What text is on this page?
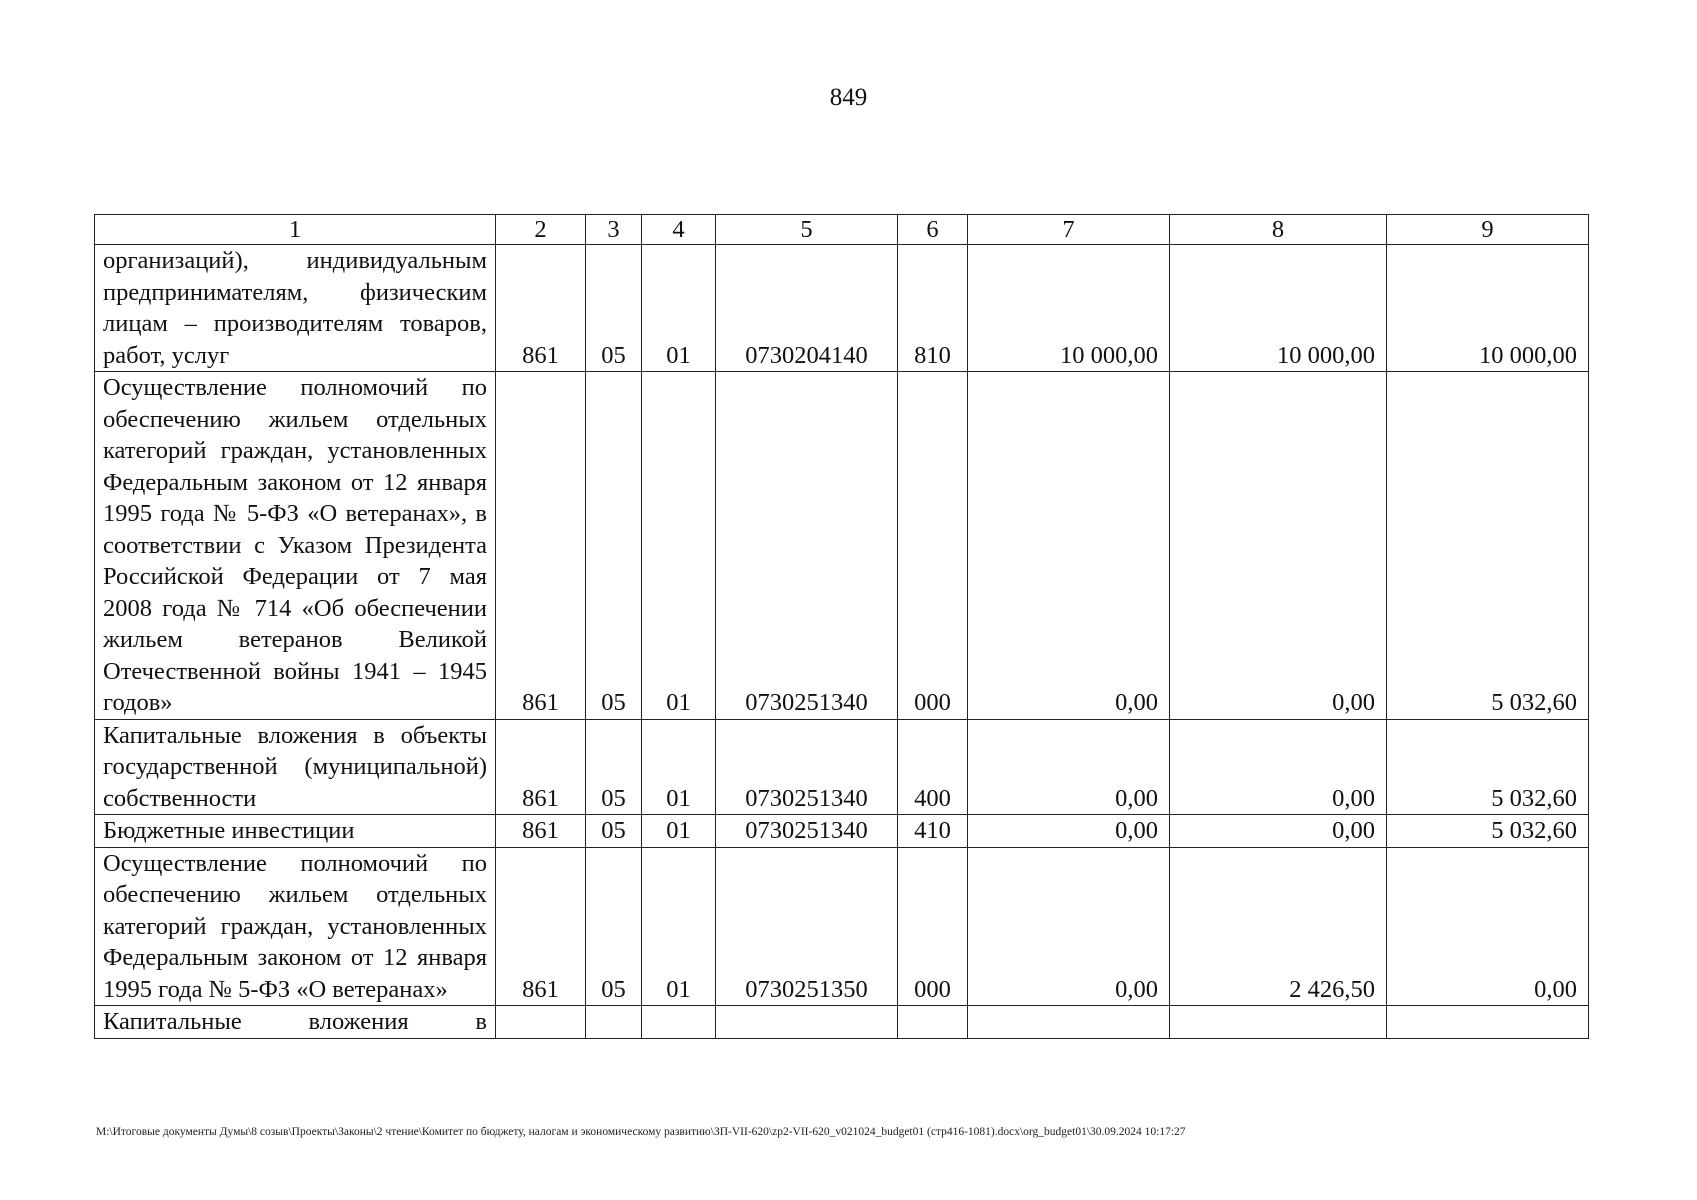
849
1	2	3	4	5	6	7	8	9
организаций), индивидуальным предпринимателям, физическим лицам – производителям товаров, работ, услуг	861	05	01	0730204140	810	10 000,00	10 000,00	10 000,00
Осуществление полномочий по обеспечению жильем отдельных категорий граждан, установленных Федеральным законом от 12 января 1995 года № 5-ФЗ «О ветеранах», в соответствии с Указом Президента Российской Федерации от 7 мая 2008 года № 714 «Об обеспечении жильем ветеранов Великой Отечественной войны 1941 – 1945 годов»	861	05	01	0730251340	000	0,00	0,00	5 032,60
Капитальные вложения в объекты государственной (муниципальной) собственности	861	05	01	0730251340	400	0,00	0,00	5 032,60
Бюджетные инвестиции	861	05	01	0730251340	410	0,00	0,00	5 032,60
Осуществление полномочий по обеспечению жильем отдельных категорий граждан, установленных Федеральным законом от 12 января 1995 года № 5-ФЗ «О ветеранах»	861	05	01	0730251350	000	0,00	2 426,50	0,00
Капитальные вложения в								
M:\Итоговые документы Думы\8 созыв\Проекты\Законы\2 чтение\Комитет по бюджету, налогам и экономическому развитию\ЗП-VII-620\zp2-VII-620_v021024_budget01 (стр416-1081).docx\org_budget01\30.09.2024 10:17:27
